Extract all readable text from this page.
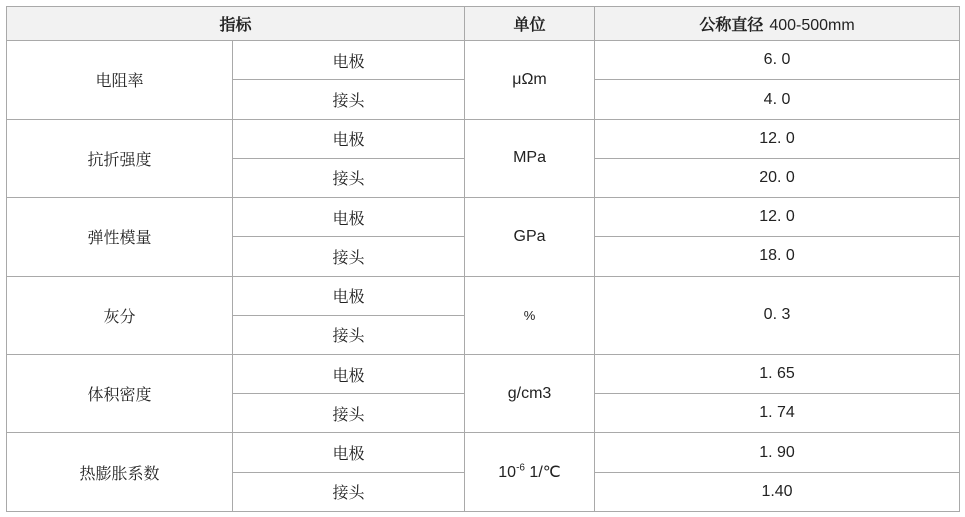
指标		单位	公称直径 400-500mm
电阻率	电极	μΩm	6. 0
	接头		4. 0
抗折强度	电极	MPa	12. 0
	接头		20. 0
弹性模量	电极	GPa	12. 0
	接头		18. 0
灰分	电极	%	0. 3
	接头		
体积密度	电极	g/cm3	1. 65
	接头		1. 74
热膨胀系数	电极	$10^{-6}$ 1/℃	1. 90
	接头		1.40
